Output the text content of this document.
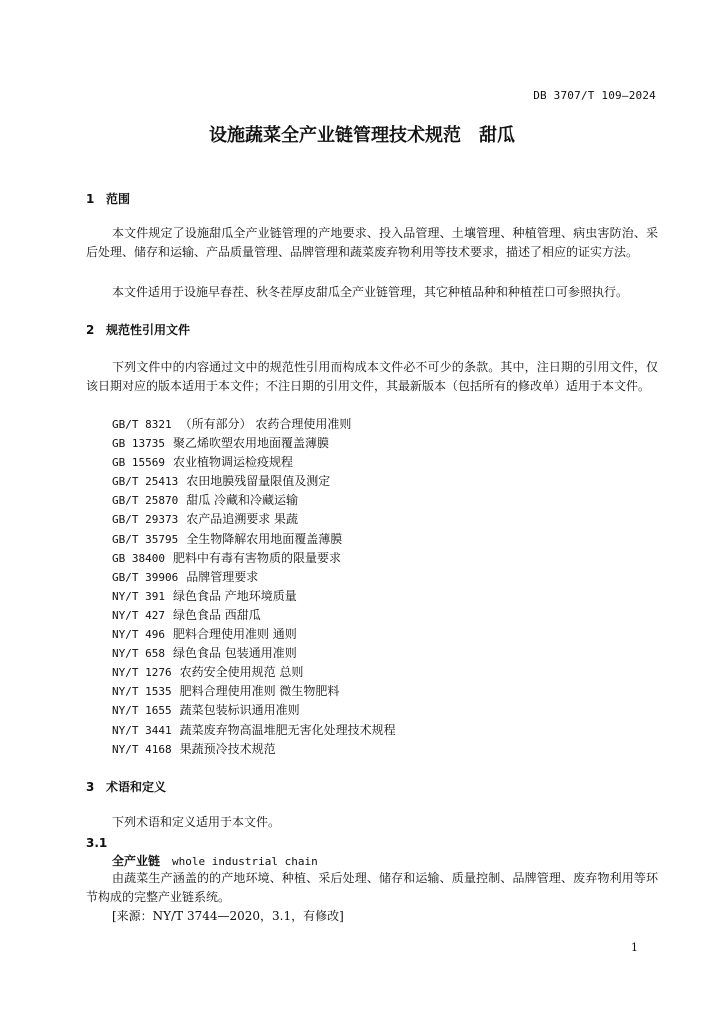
DB 3707/T 109—2024
设施蔬菜全产业链管理技术规范 甜瓜
1 范围
本文件规定了设施甜瓜全产业链管理的产地要求、投入品管理、土壤管理、种植管理、病虫害防治、采后处理、储存和运输、产品质量管理、品牌管理和蔬菜废弃物利用等技术要求，描述了相应的证实方法。
本文件适用于设施早春茬、秋冬茬厚皮甜瓜全产业链管理，其它种植品种和种植茬口可参照执行。
2 规范性引用文件
下列文件中的内容通过文中的规范性引用而构成本文件必不可少的条款。其中，注日期的引用文件，仅该日期对应的版本适用于本文件；不注日期的引用文件，其最新版本（包括所有的修改单）适用于本文件。
GB/T 8321 （所有部分） 农药合理使用准则
GB 13735 聚乙烯吹塑农用地面覆盖薄膜
GB 15569 农业植物调运检疫规程
GB/T 25413 农田地膜残留量限值及测定
GB/T 25870 甜瓜 冷藏和冷藏运输
GB/T 29373 农产品追溯要求 果蔬
GB/T 35795 全生物降解农用地面覆盖薄膜
GB 38400 肥料中有毒有害物质的限量要求
GB/T 39906 品牌管理要求
NY/T 391 绿色食品 产地环境质量
NY/T 427 绿色食品 西甜瓜
NY/T 496 肥料合理使用准则 通则
NY/T 658 绿色食品 包装通用准则
NY/T 1276 农药安全使用规范 总则
NY/T 1535 肥料合理使用准则 微生物肥料
NY/T 1655 蔬菜包装标识通用准则
NY/T 3441 蔬菜废弃物高温堆肥无害化处理技术规程
NY/T 4168 果蔬预冷技术规范
3 术语和定义
下列术语和定义适用于本文件。
3.1
全产业链 whole industrial chain
由蔬菜生产涵盖的的产地环境、种植、采后处理、储存和运输、质量控制、品牌管理、废弃物利用等环节构成的完整产业链系统。
[来源：NY/T 3744—2020，3.1，有修改]
1
